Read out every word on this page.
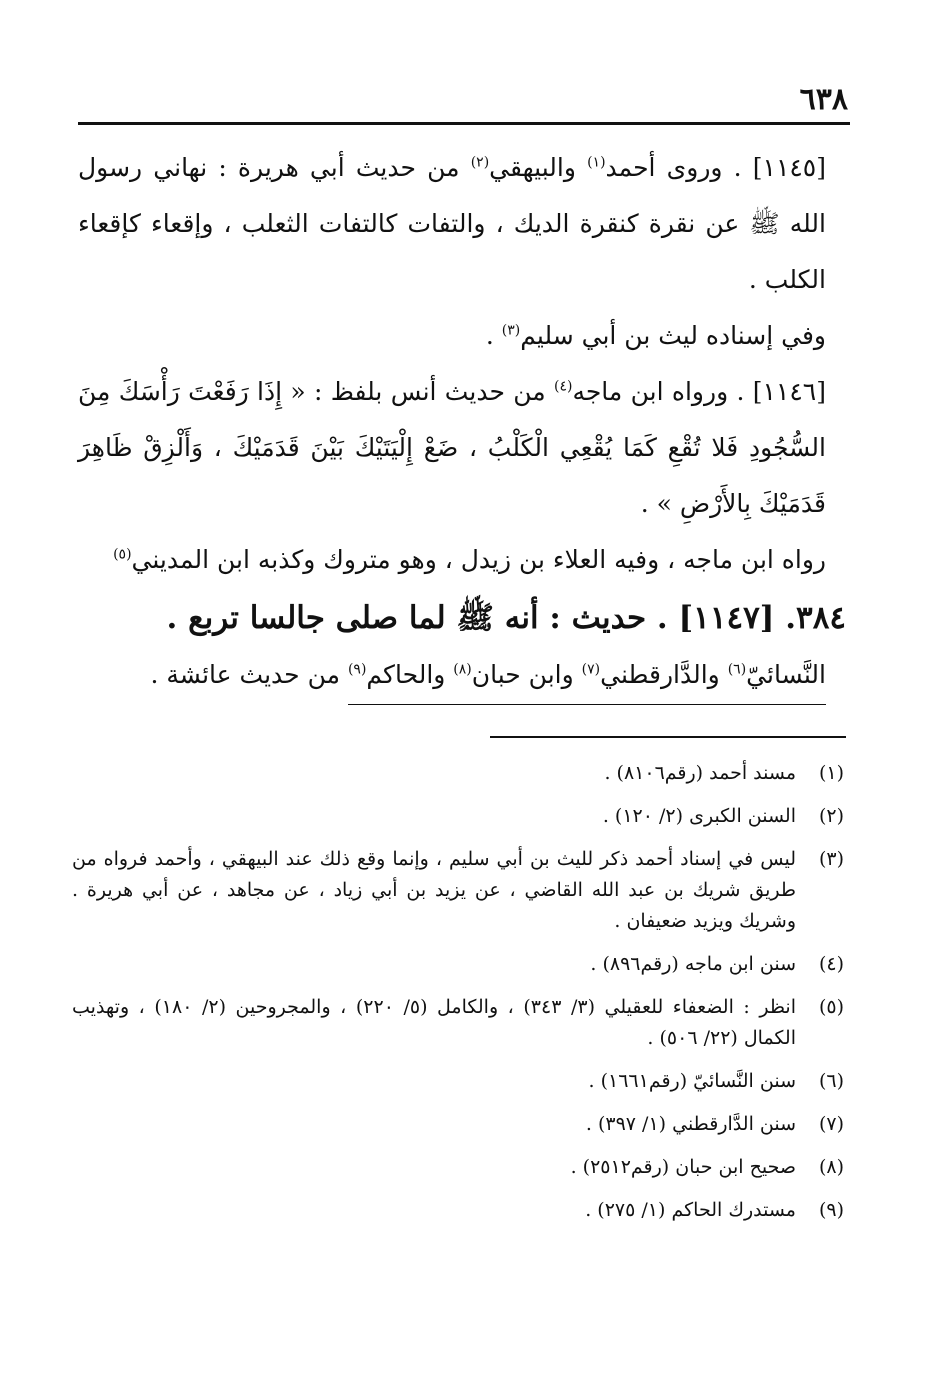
٦٣٨

[١١٤٥] . وروى أحمد$^{(١)}$ والبيهقي$^{(٢)}$ من حديث أبي هريرة : نهاني رسول الله ﷺ عن نقرة كنقرة الديك ، والتفات كالتفات الثعلب ، وإقعاء كإقعاء الكلب .

وفي إسناده ليث بن أبي سليم$^{(٣)}$ .

[١١٤٦] . ورواه ابن ماجه$^{(٤)}$ من حديث أنس بلفظ : « إِذَا رَفَعْتَ رَأْسَكَ مِنَ السُّجُودِ فَلا تُقْعِ كَمَا يُقْعِي الْكَلْبُ ، ضَعْ إِلْيَتَيْكَ بَيْنَ قَدَمَيْكَ ، وَأَلْزِقْ ظَاهِرَ قَدَمَيْكَ بِالأَرْضِ » .

رواه ابن ماجه ، وفيه العلاء بن زيدل ، وهو متروك وكذبه ابن المديني$^{(٥)}$

٣٨٤. [١١٤٧] . حديث : أنه ﷺ لما صلى جالسا تربع .

النَّسائيّ$^{(٦)}$ والدَّارقطني$^{(٧)}$ وابن حبان$^{(٨)}$ والحاكم$^{(٩)}$ من حديث عائشة .

(١)
مسند أحمد (رقم٨١٠٦) .
(٢)
السنن الكبرى (٢/ ١٢٠) .
(٣)
ليس في إسناد أحمد ذكر لليث بن أبي سليم ، وإنما وقع ذلك عند البيهقي ، وأحمد فرواه من طريق شريك بن عبد الله القاضي ، عن يزيد بن أبي زياد ، عن مجاهد ، عن أبي هريرة . وشريك ويزيد ضعيفان .
(٤)
سنن ابن ماجه (رقم٨٩٦) .
(٥)
انظر : الضعفاء للعقيلي (٣/ ٣٤٣) ، والكامل (٥/ ٢٢٠) ، والمجروحين (٢/ ١٨٠) ، وتهذيب الكمال (٢٢/ ٥٠٦) .
(٦)
سنن النَّسائيّ (رقم١٦٦١) .
(٧)
سنن الدَّارقطني (١/ ٣٩٧) .
(٨)
صحيح ابن حبان (رقم٢٥١٢) .
(٩)
مستدرك الحاكم (١/ ٢٧٥) .
